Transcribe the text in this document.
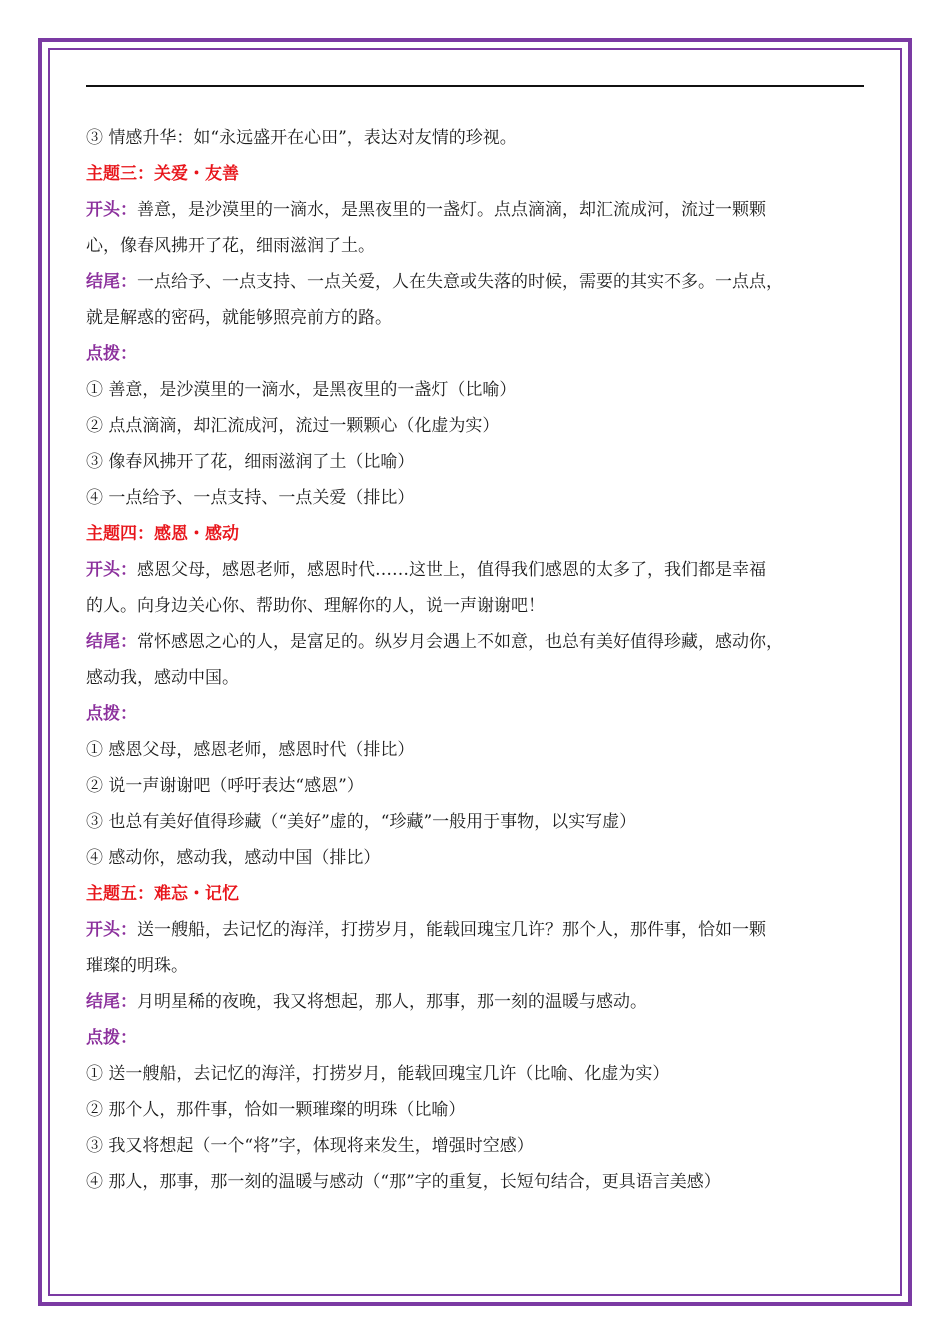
③ 情感升华：如“永远盛开在心田”，表达对友情的珍视。
主题三：关爱・友善
开头：善意，是沙漠里的一滴水，是黑夜里的一盏灯。点点滴滴，却汇流成河，流过一颗颗
心，像春风拂开了花，细雨滋润了土。
结尾：一点给予、一点支持、一点关爱，人在失意或失落的时候，需要的其实不多。一点点，
就是解惑的密码，就能够照亮前方的路。
点拨：
① 善意，是沙漠里的一滴水，是黑夜里的一盏灯（比喻）
② 点点滴滴，却汇流成河，流过一颗颗心（化虚为实）
③ 像春风拂开了花，细雨滋润了土（比喻）
④ 一点给予、一点支持、一点关爱（排比）
主题四：感恩・感动
开头：感恩父母，感恩老师，感恩时代……这世上，值得我们感恩的太多了，我们都是幸福
的人。向身边关心你、帮助你、理解你的人，说一声谢谢吧！
结尾：常怀感恩之心的人，是富足的。纵岁月会遇上不如意，也总有美好值得珍藏，感动你，
感动我，感动中国。
点拨：
① 感恩父母，感恩老师，感恩时代（排比）
② 说一声谢谢吧（呼吁表达“感恩”）
③ 也总有美好值得珍藏（“美好”虚的，“珍藏”一般用于事物，以实写虚）
④ 感动你，感动我，感动中国（排比）
主题五：难忘・记忆
开头：送一艘船，去记忆的海洋，打捞岁月，能载回瑰宝几许？那个人，那件事，恰如一颗
璀璨的明珠。
结尾：月明星稀的夜晚，我又将想起，那人，那事，那一刻的温暖与感动。
点拨：
① 送一艘船，去记忆的海洋，打捞岁月，能载回瑰宝几许（比喻、化虚为实）
② 那个人，那件事，恰如一颗璀璨的明珠（比喻）
③ 我又将想起（一个“将”字，体现将来发生，增强时空感）
④ 那人，那事，那一刻的温暖与感动（“那”字的重复，长短句结合，更具语言美感）
